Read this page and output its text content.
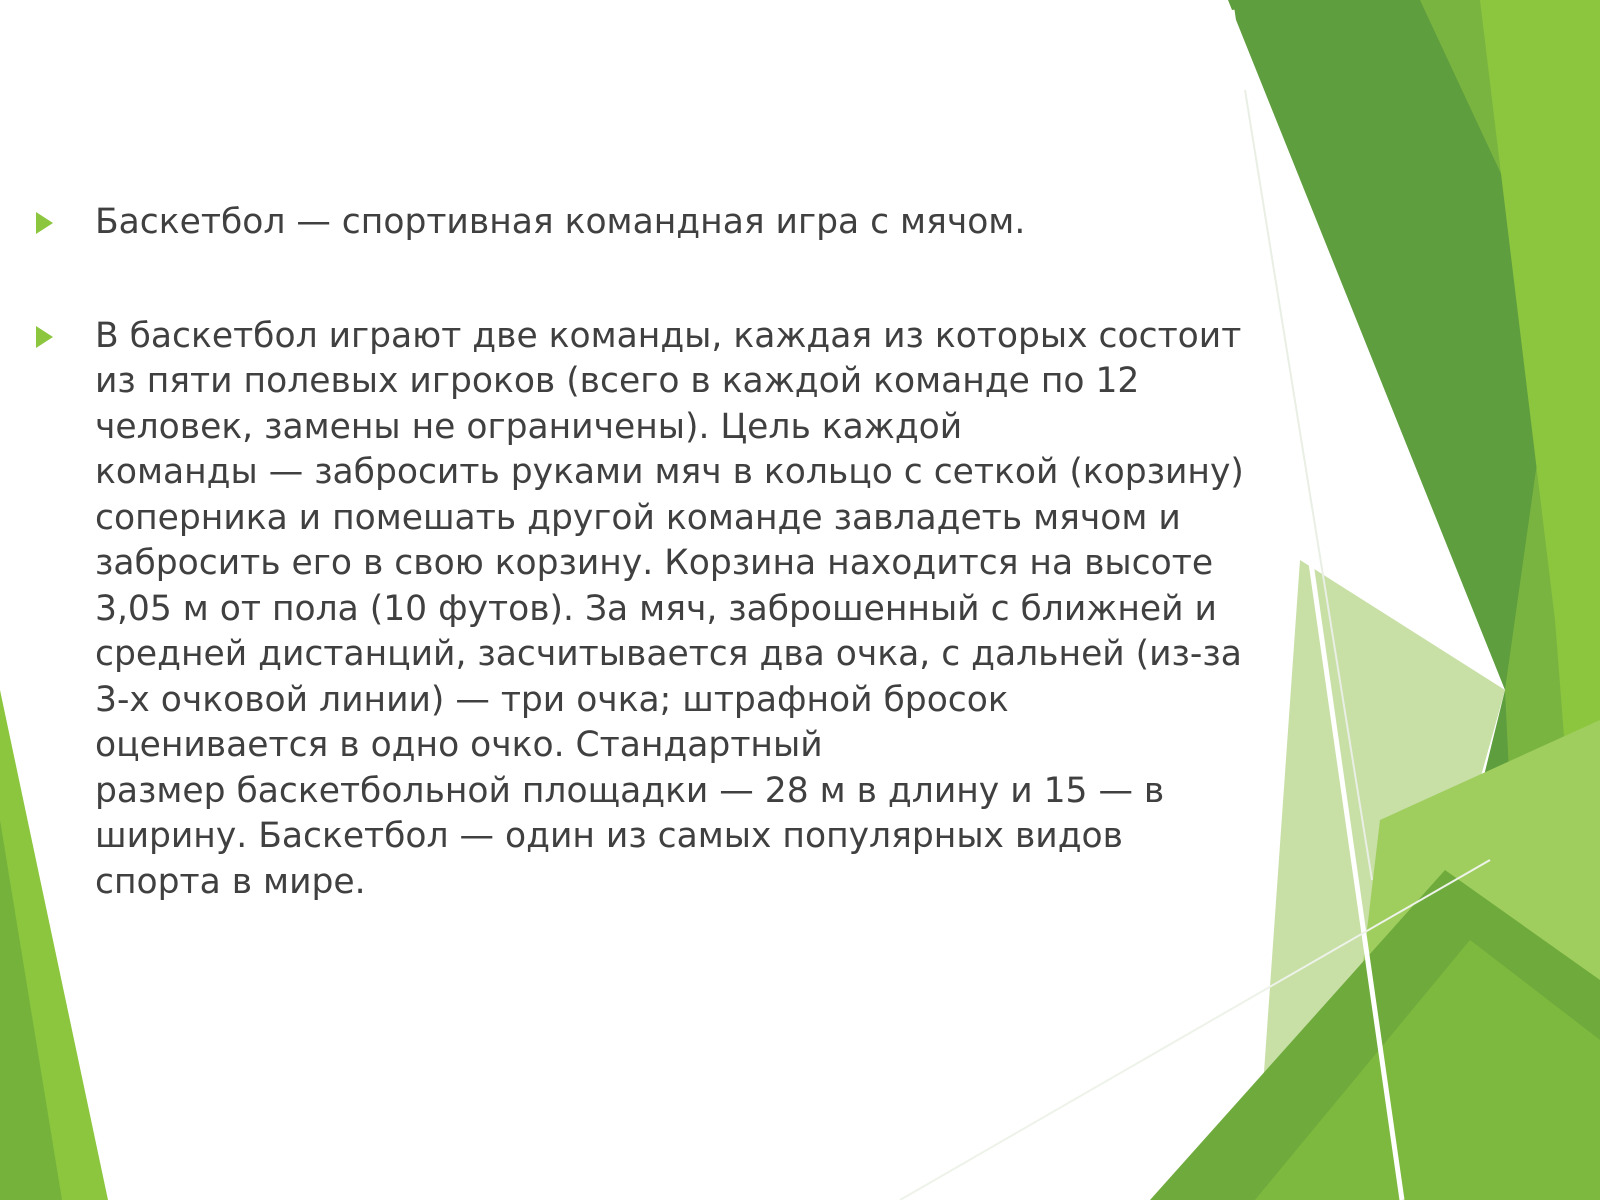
Баскетбол — спортивная командная игра с мячом.
В баскетбол играют две команды, каждая из которых состоит
из пяти полевых игроков (всего в каждой команде по 12
человек, замены не ограничены). Цель каждой
команды — забросить руками мяч в кольцо с сеткой (корзину)
соперника и помешать другой команде завладеть мячом и
забросить его в свою корзину. Корзина находится на высоте
3,05 м от пола (10 футов). За мяч, заброшенный с ближней и
средней дистанций, засчитывается два очка, с дальней (из-за
3-х очковой линии) — три очка; штрафной бросок
оценивается в одно очко. Стандартный
размер баскетбольной площадки — 28 м в длину и 15 — в
ширину. Баскетбол — один из самых популярных видов
спорта в мире.
